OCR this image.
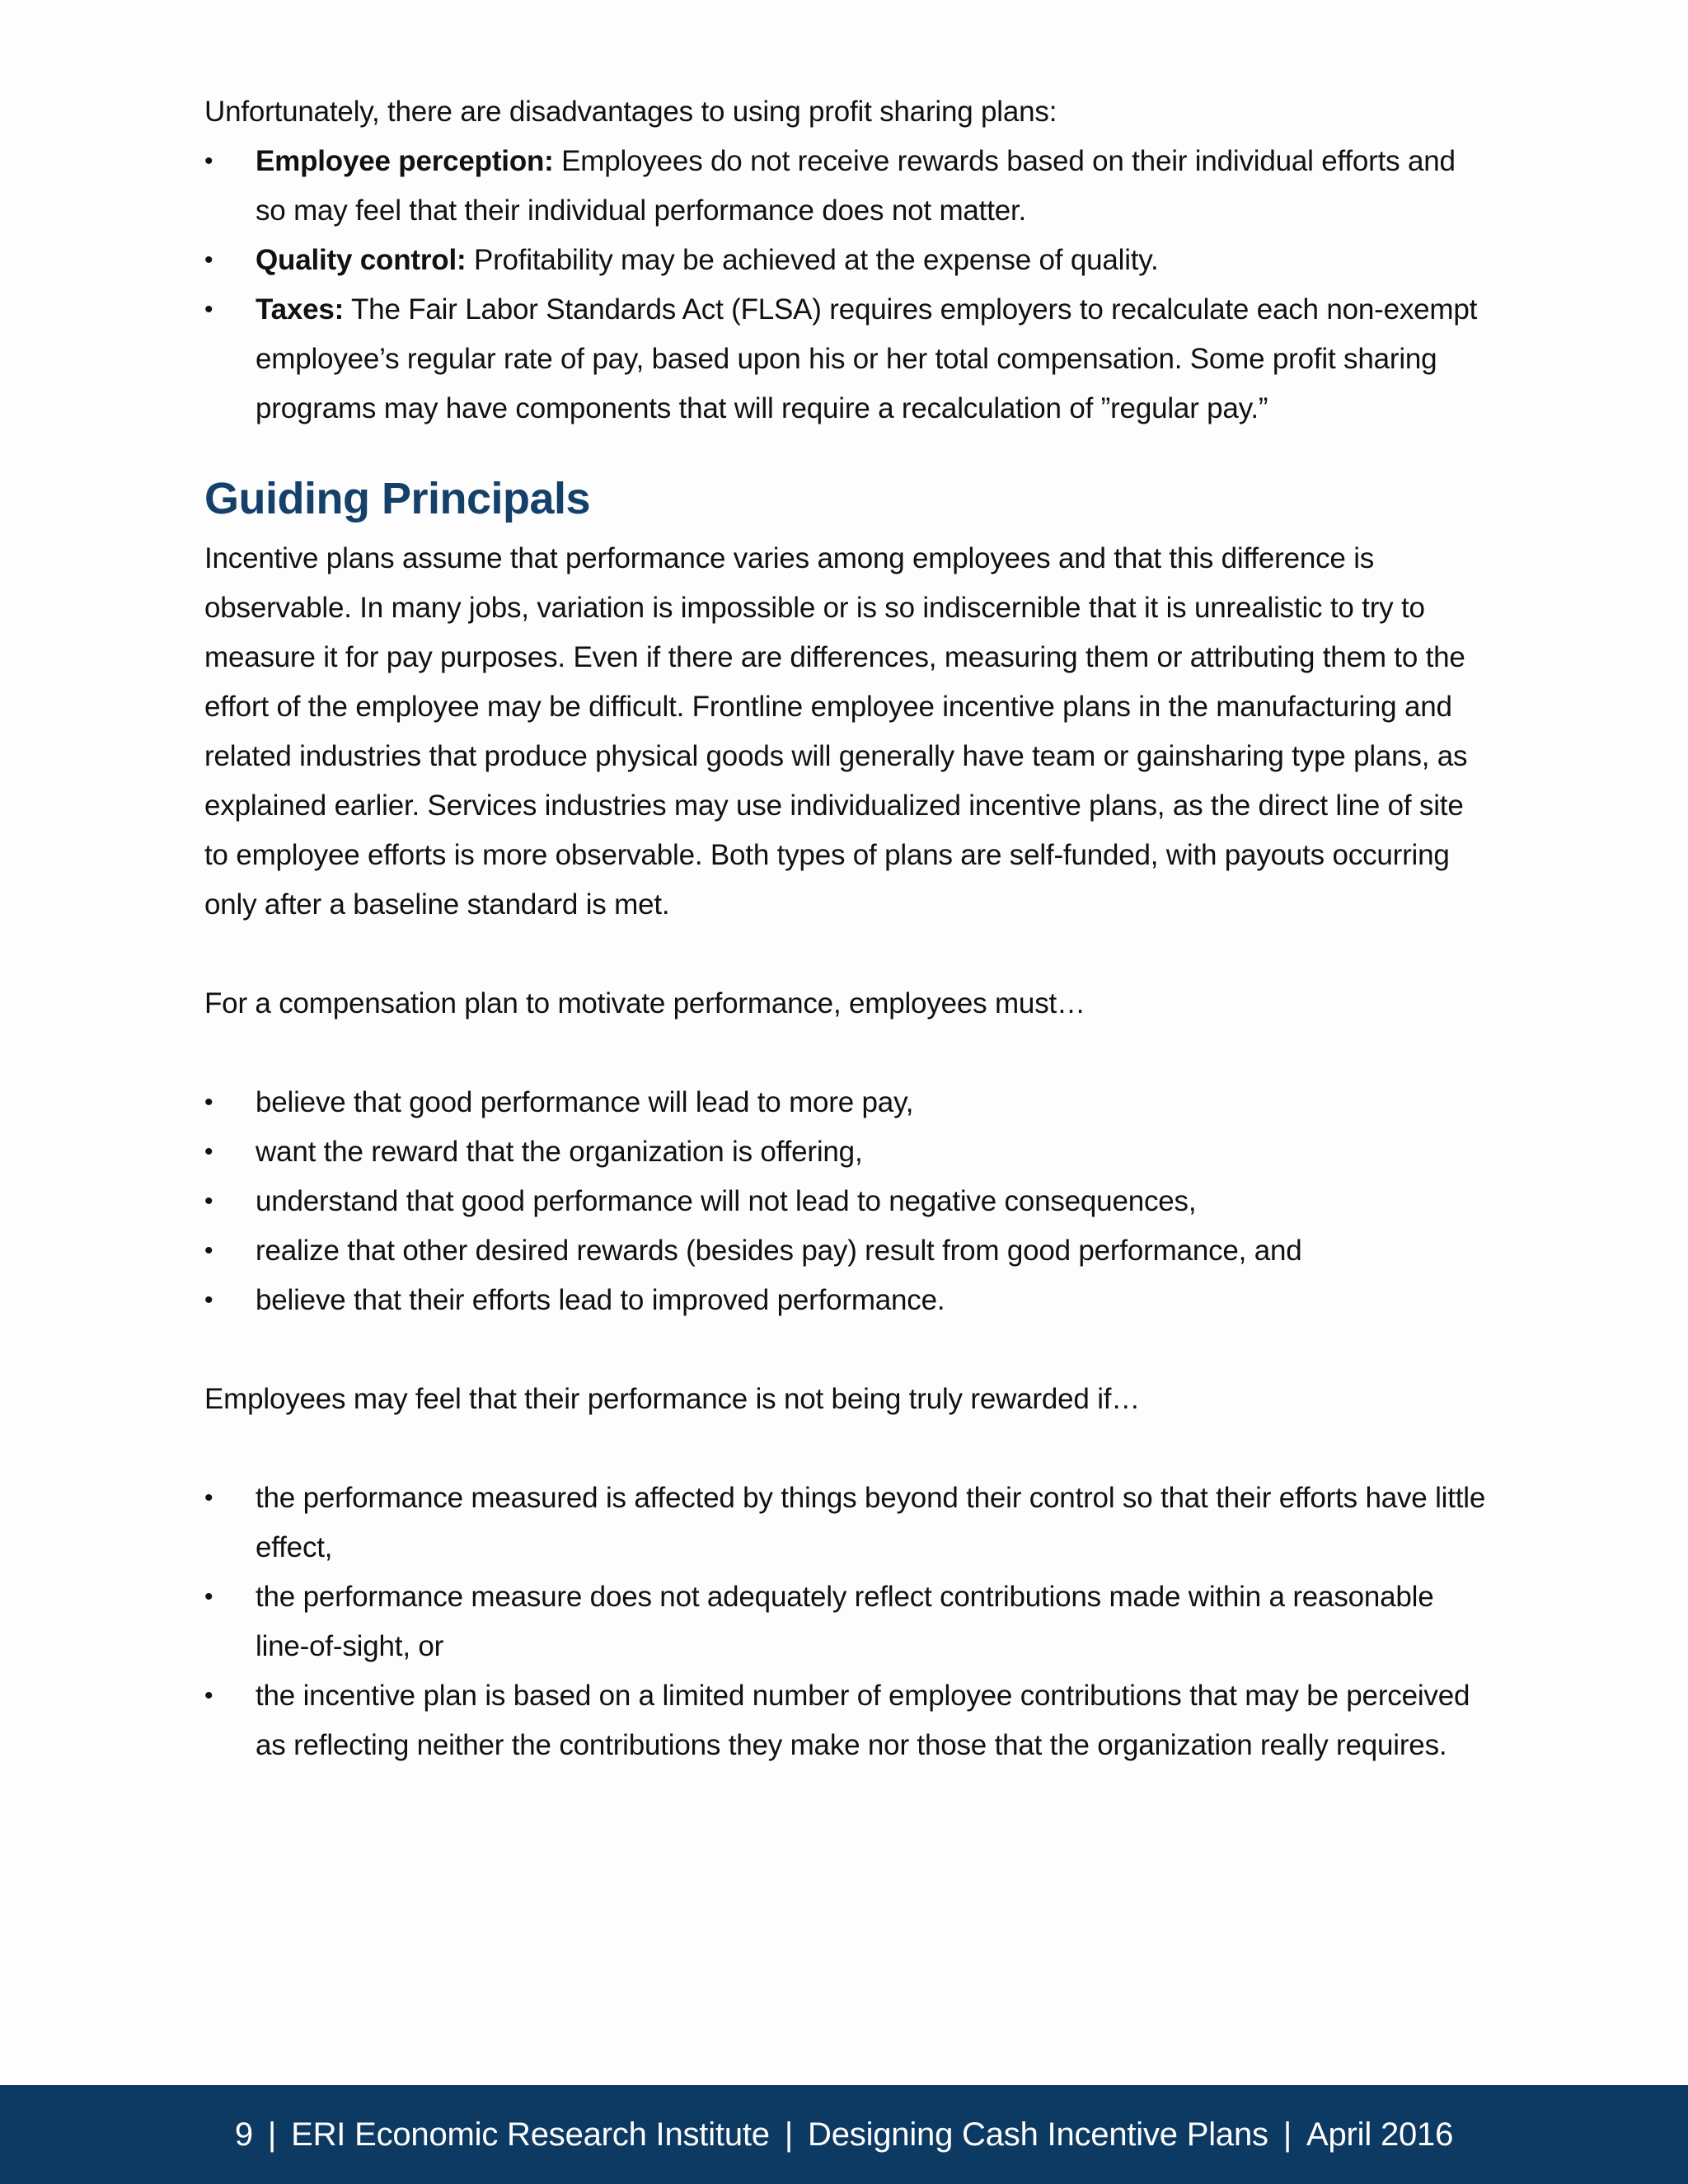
Unfortunately, there are disadvantages to using profit sharing plans:

• Employee perception: Employees do not receive rewards based on their individual efforts and so may feel that their individual performance does not matter.
• Quality control: Profitability may be achieved at the expense of quality.
• Taxes: The Fair Labor Standards Act (FLSA) requires employers to recalculate each non-exempt employee’s regular rate of pay, based upon his or her total compensation. Some profit sharing programs may have components that will require a recalculation of ”regular pay.”
Guiding Principals

Incentive plans assume that performance varies among employees and that this difference is observable. In many jobs, variation is impossible or is so indiscernible that it is unrealistic to try to measure it for pay purposes. Even if there are differences, measuring them or attributing them to the effort of the employee may be difficult. Frontline employee incentive plans in the manufacturing and related industries that produce physical goods will generally have team or gainsharing type plans, as explained earlier. Services industries may use individualized incentive plans, as the direct line of site to employee efforts is more observable. Both types of plans are self-funded, with payouts occurring only after a baseline standard is met.

For a compensation plan to motivate performance, employees must…

• believe that good performance will lead to more pay,
• want the reward that the organization is offering,
• understand that good performance will not lead to negative consequences,
• realize that other desired rewards (besides pay) result from good performance, and
• believe that their efforts lead to improved performance.

Employees may feel that their performance is not being truly rewarded if…

• the performance measured is affected by things beyond their control so that their efforts have little effect,
• the performance measure does not adequately reflect contributions made within a reasonable line-of-sight, or
• the incentive plan is based on a limited number of employee contributions that may be perceived as reflecting neither the contributions they make nor those that the organization really requires.
9 | ERI Economic Research Institute | Designing Cash Incentive Plans | April 2016
